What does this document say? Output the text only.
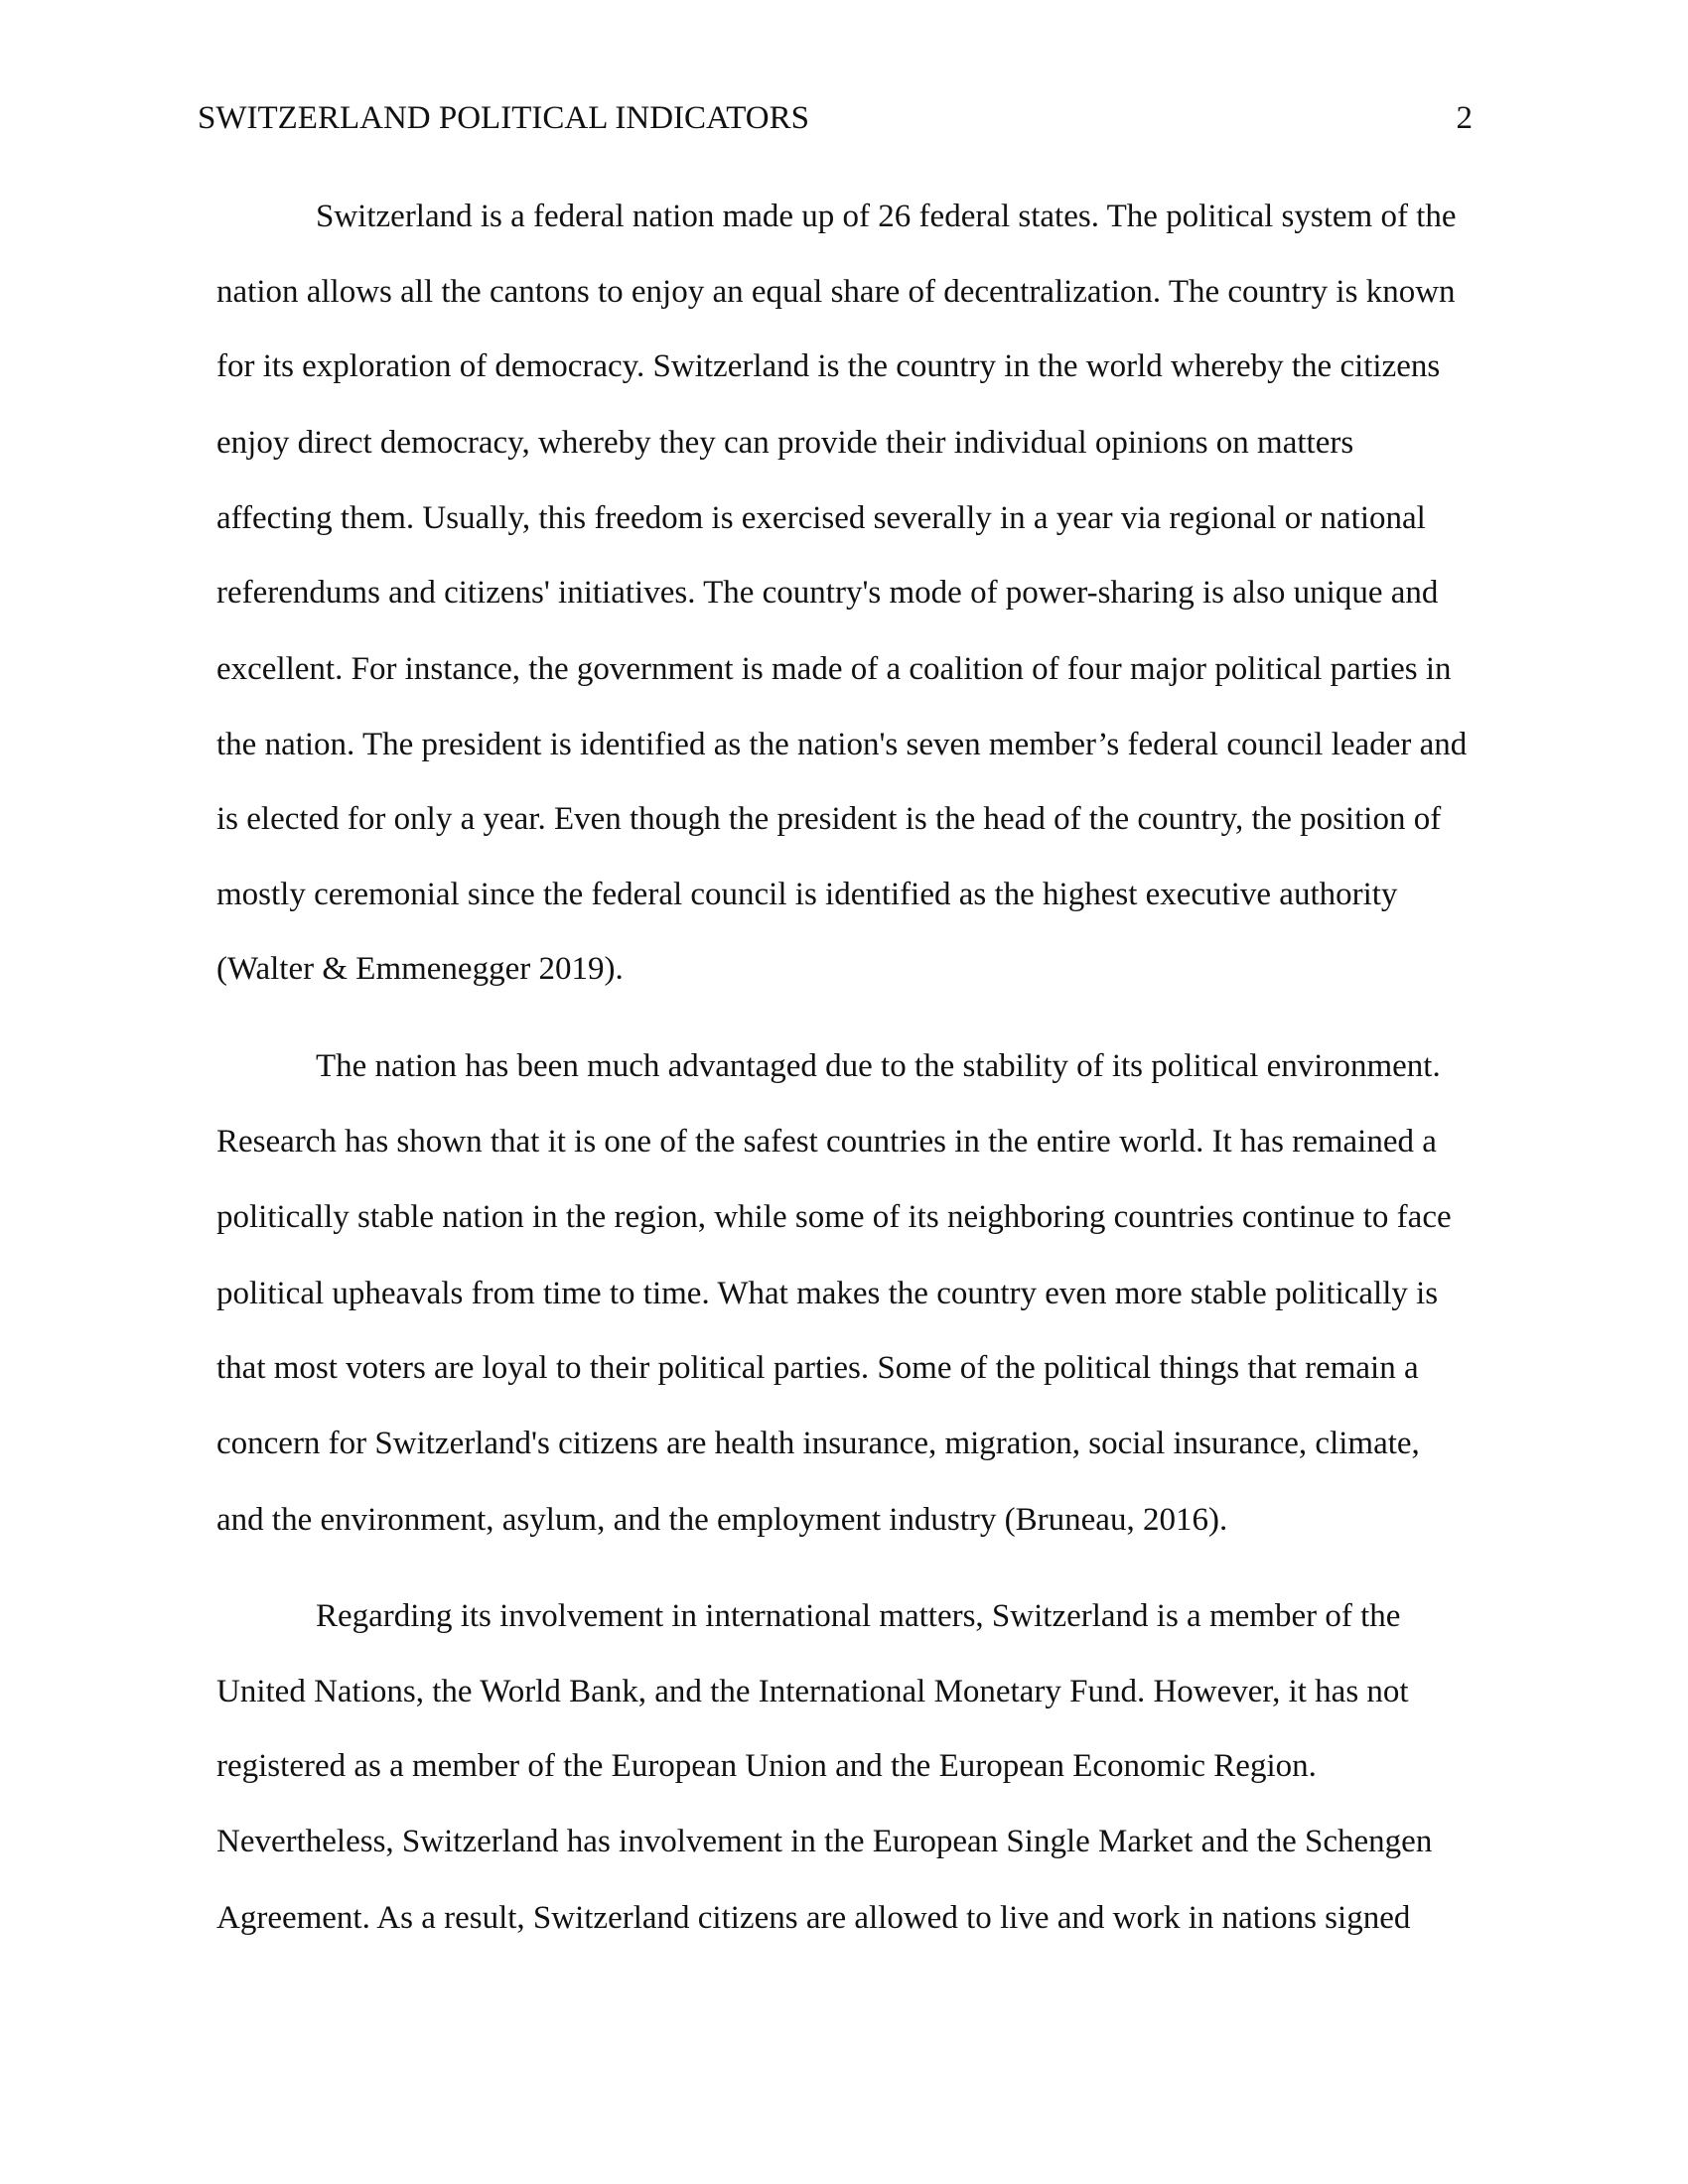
SWITZERLAND POLITICAL INDICATORS	2
Switzerland is a federal nation made up of 26 federal states. The political system of the
nation allows all the cantons to enjoy an equal share of decentralization. The country is known
for its exploration of democracy. Switzerland is the country in the world whereby the citizens
enjoy direct democracy, whereby they can provide their individual opinions on matters
affecting them. Usually, this freedom is exercised severally in a year via regional or national
referendums and citizens' initiatives. The country's mode of power-sharing is also unique and
excellent. For instance, the government is made of a coalition of four major political parties in
the nation. The president is identified as the nation's seven member’s federal council leader and
is elected for only a year. Even though the president is the head of the country, the position of
mostly ceremonial since the federal council is identified as the highest executive authority
(Walter & Emmenegger 2019).
The nation has been much advantaged due to the stability of its political environment.
Research has shown that it is one of the safest countries in the entire world. It has remained a
politically stable nation in the region, while some of its neighboring countries continue to face
political upheavals from time to time. What makes the country even more stable politically is
that most voters are loyal to their political parties. Some of the political things that remain a
concern for Switzerland's citizens are health insurance, migration, social insurance, climate,
and the environment, asylum, and the employment industry (Bruneau, 2016).
Regarding its involvement in international matters, Switzerland is a member of the
United Nations, the World Bank, and the International Monetary Fund. However, it has not
registered as a member of the European Union and the European Economic Region.
Nevertheless, Switzerland has involvement in the European Single Market and the Schengen
Agreement. As a result, Switzerland citizens are allowed to live and work in nations signed
